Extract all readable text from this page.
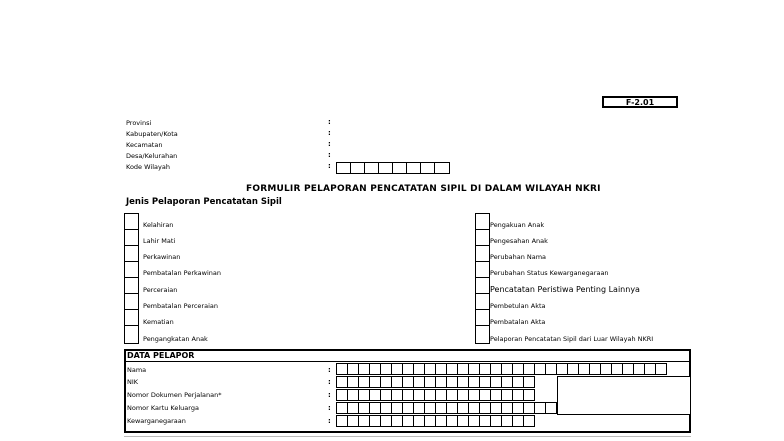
F-2.01
Provinsi
Kabupaten/Kota
Kecamatan
Desa/Kelurahan
Kode Wilayah
:
:
:
:
:
FORMULIR PELAPORAN PENCATATAN SIPIL DI DALAM WILAYAH NKRI
Jenis Pelaporan Pencatatan Sipil
Kelahiran
Lahir Mati
Perkawinan
Pembatalan Perkawinan
Perceraian
Pembatalan Perceraian
Kematian
Pengangkatan Anak
Pengakuan Anak
Pengesahan Anak
Perubahan Nama
Perubahan Status Kewarganegaraan
Pencatatan Peristiwa Penting Lainnya
Pembetulan Akta
Pembatalan Akta
Pelaporan Pencatatan Sipil dari Luar Wilayah NKRI
DATA PELAPOR
Nama
NIK
Nomor Dokumen Perjalanan*
Nomor Kartu Keluarga
Kewarganegaraan
:
:
:
:
:
